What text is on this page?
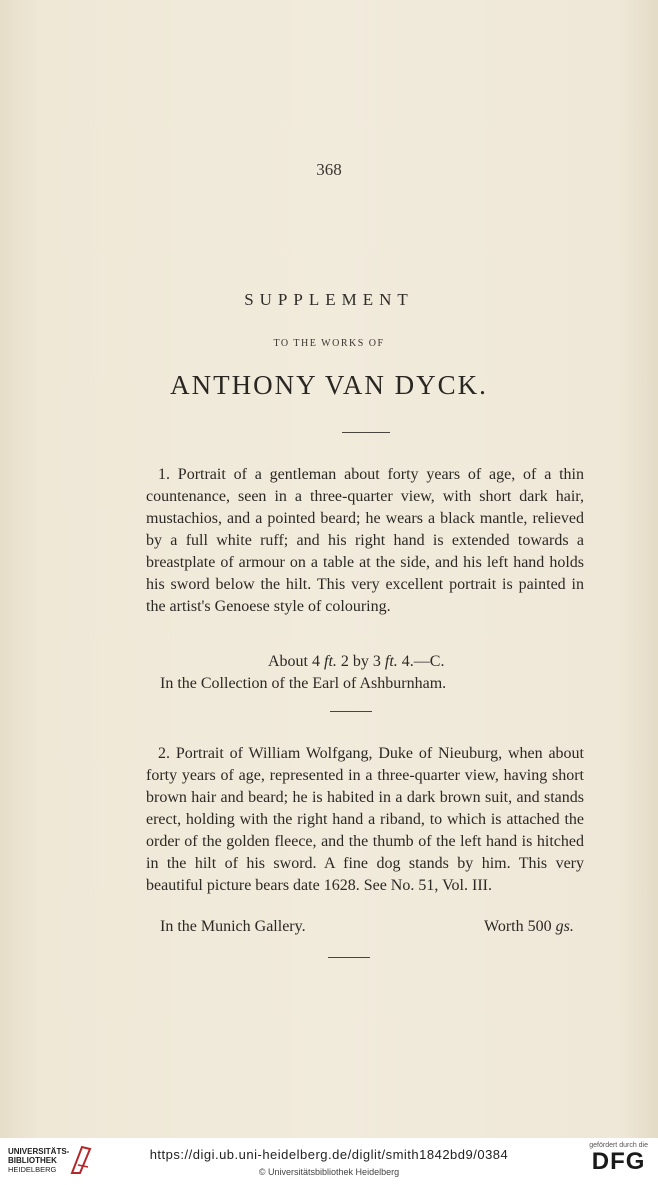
368
SUPPLEMENT
TO THE WORKS OF
ANTHONY VAN DYCK.
1. Portrait of a gentleman about forty years of age, of a thin countenance, seen in a three-quarter view, with short dark hair, mustachios, and a pointed beard; he wears a black mantle, relieved by a full white ruff; and his right hand is extended towards a breastplate of armour on a table at the side, and his left hand holds his sword below the hilt. This very excellent portrait is painted in the artist's Genoese style of colouring.
About 4 ft. 2 by 3 ft. 4.—C.
In the Collection of the Earl of Ashburnham.
2. Portrait of William Wolfgang, Duke of Nieuburg, when about forty years of age, represented in a three-quarter view, having short brown hair and beard; he is habited in a dark brown suit, and stands erect, holding with the right hand a riband, to which is attached the order of the golden fleece, and the thumb of the left hand is hitched in the hilt of his sword. A fine dog stands by him. This very beautiful picture bears date 1628. See No. 51, Vol. III.
In the Munich Gallery.	Worth 500 gs.
UNIVERSITÄTS-
BIBLIOTHEK
HEIDELBERG
https://digi.ub.uni-heidelberg.de/diglit/smith1842bd9/0384
© Universitätsbibliothek Heidelberg
gefördert durch die
DFG
